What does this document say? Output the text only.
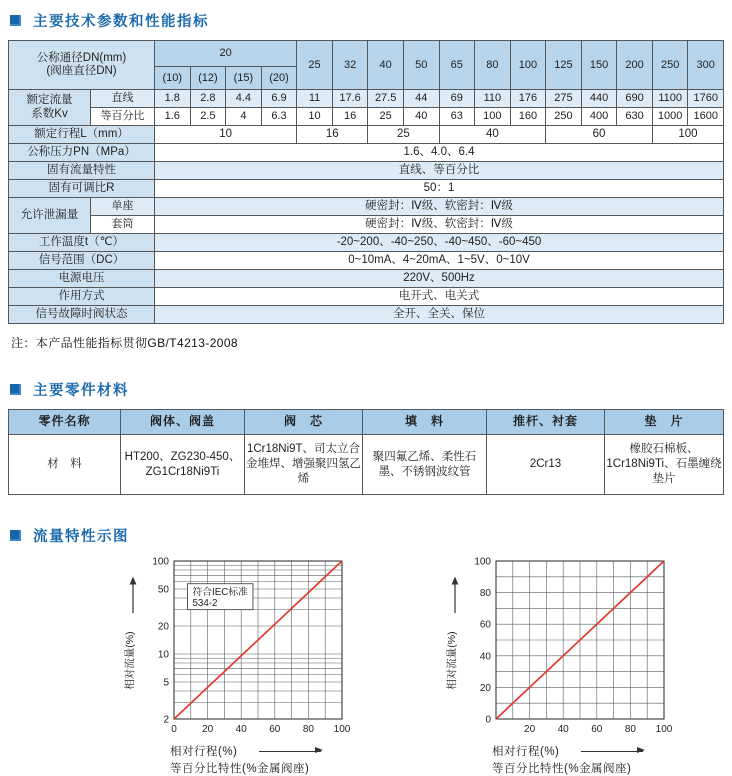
主要技术参数和性能指标
公称通径DN(mm)
(阀座直径DN)		20				25	32	40	50	65	80	100	125	150	200	250	300
		(10)	(12)	(15)	(20)												

额定流量
系数Kv	直线	1.8	2.8	4.4	6.9	11	17.6	27.5	44	69	110	176	275	440	690	1100	1760
	等百分比	1.6	2.5	4	6.3	10	16	25	40	63	100	160	250	400	630	1000	1600
额定行程L（mm）		10				16		25		40			60			100	
公称压力PN（MPa）		1.6、4.0、6.4															
固有流量特性		直线、等百分比															
固有可调比R		50：1															
允许泄漏量	单座	硬密封：Ⅳ级、软密封：Ⅳ级															
	套筒	硬密封：Ⅳ级、软密封：Ⅳ级															
工作温度t（℃）		-20~200、-40~250、-40~450、-60~450															
信号范围（DC）		0~10mA、4~20mA、1~5V、0~10V															
电源电压		220V、500Hz															
作用方式		电开式、电关式															
信号故障时阀状态		全开、全关、保位															
注：本产品性能指标贯彻GB/T4213-2008
主要零件材料
零件名称	阀体、阀盖	阀　芯	填　料	推杆、衬套	垫　片
材　料	HT200、ZG230-450、ZG1Cr18Ni9Ti	1Cr18Ni9T、司太立合金堆焊、增强聚四氢乙烯	聚四氟乙烯、柔性石墨、不锈钢波纹管	2Cr13	橡胶石棉板、1Cr18Ni9Ti、石墨缠绕垫片
流量特性示图
2
5
10
20
50
100
0	20 40 60 80 100
相对流量(%)
符合IEC标准
534-2
相对行程(%)
等百分比特性(%金属阀座)
0
20
40
60
80
100
20 40 60 80 100
相对流量(%)
相对行程(%)
等百分比特性(%金属阀座)
